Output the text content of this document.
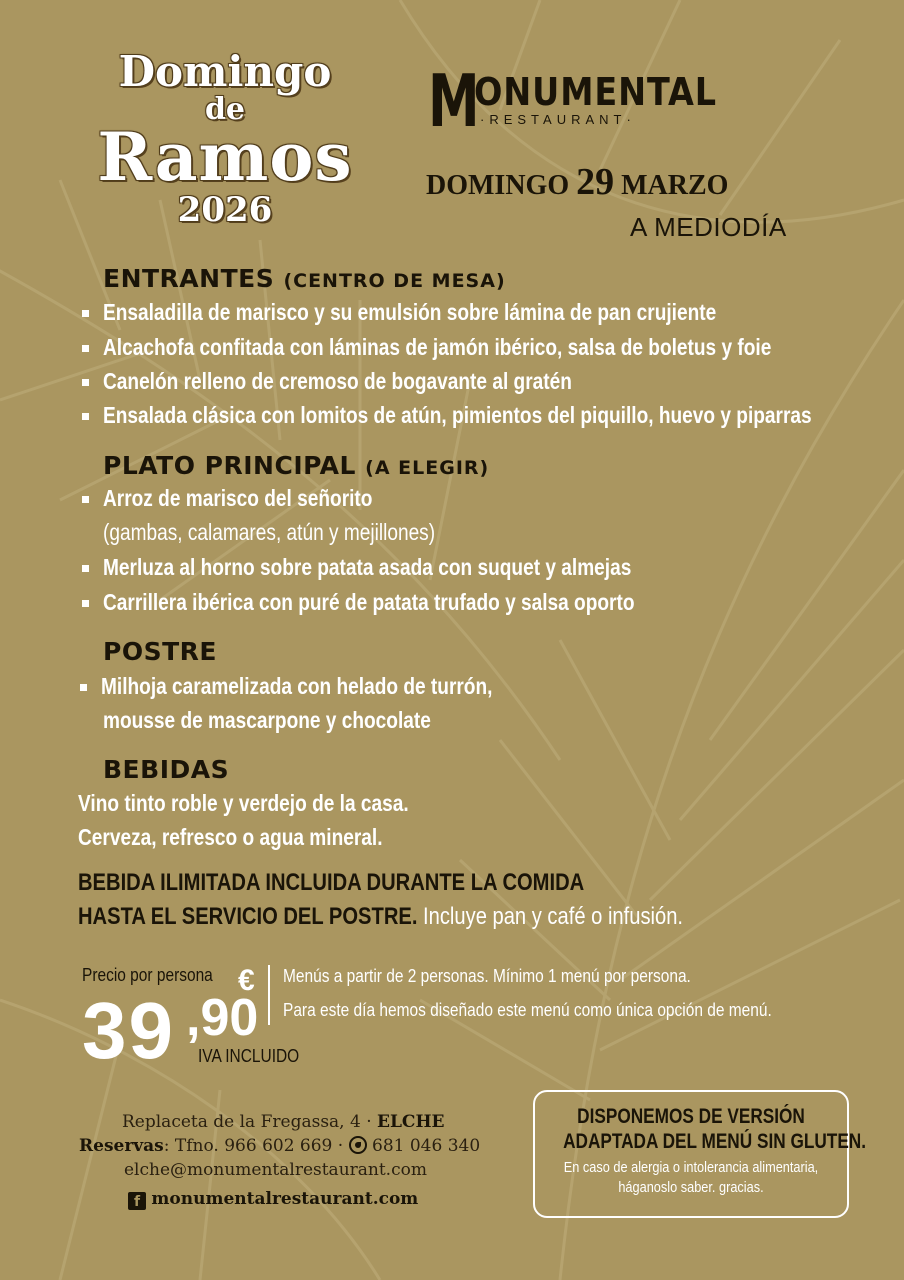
Domingo
de
Ramos
2026
M
ONUMENTAL
·RESTAURANT·
DOMINGO 29 MARZO
A MEDIODÍA
ENTRANTES (CENTRO DE MESA)
Ensaladilla de marisco y su emulsión sobre lámina de pan crujiente
Alcachofa confitada con láminas de jamón ibérico, salsa de boletus y foie
Canelón relleno de cremoso de bogavante al gratén
Ensalada clásica con lomitos de atún, pimientos del piquillo, huevo y piparras
PLATO PRINCIPAL (A ELEGIR)
Arroz de marisco del señorito
(gambas, calamares, atún y mejillones)
Merluza al horno sobre patata asada con suquet y almejas
Carrillera ibérica con puré de patata trufado y salsa oporto
POSTRE
Milhoja caramelizada con helado de turrón,
mousse de mascarpone y chocolate
BEBIDAS
Vino tinto roble y verdejo de la casa.
Cerveza, refresco o agua mineral.
BEBIDA ILIMITADA INCLUIDA DURANTE LA COMIDA
HASTA EL SERVICIO DEL POSTRE. Incluye pan y café o infusión.
Precio por persona €
39 ,90
IVA INCLUIDO
Menús a partir de 2 personas. Mínimo 1 menú por persona.
Para este día hemos diseñado este menú como única opción de menú.
Replaceta de la Fregassa, 4 · ELCHE
Reservas: Tfno. 966 602 669 · 681 046 340
elche@monumentalrestaurant.com
f monumentalrestaurant.com
DISPONEMOS DE VERSIÓN
ADAPTADA DEL MENÚ SIN GLUTEN.
En caso de alergia o intolerancia alimentaria,
háganoslo saber. gracias.
